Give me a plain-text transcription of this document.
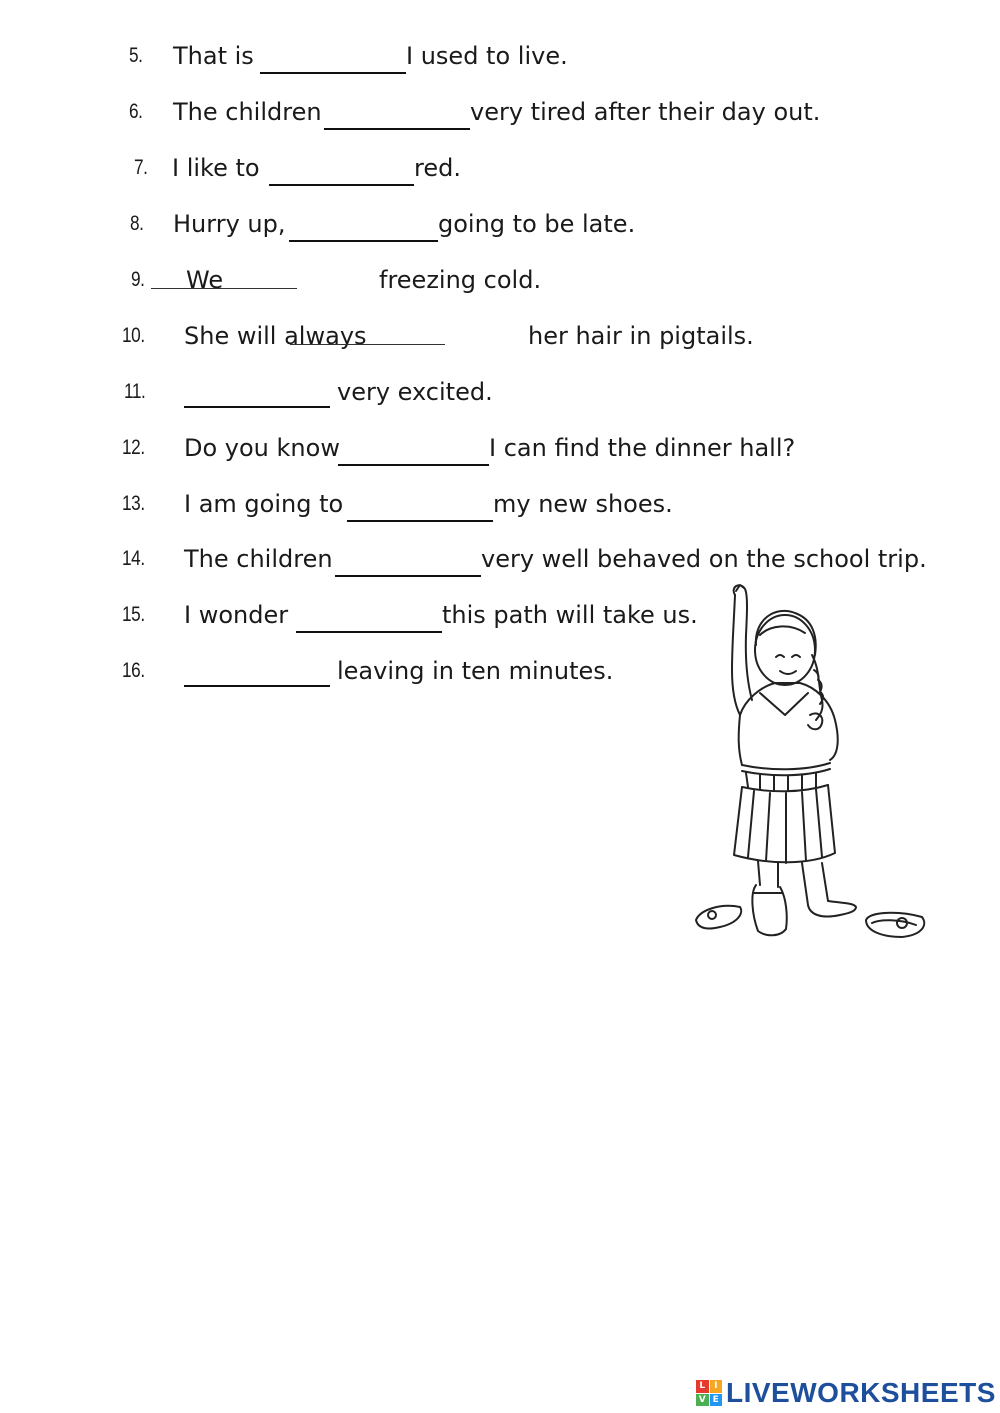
5. That is	I used to live.
6. The children	very tired after their day out.
7. I like to	red.
8. Hurry up,	going to be late.
9. We	freezing cold.
10. She will always	her hair in pigtails.
11.	very excited.
12. Do you know	I can find the dinner hall?
13. I am going to	my new shoes.
14. The children	very well behaved on the school trip.
15. I wonder	this path will take us.
16.	leaving in ten minutes.
L I
V E LIVEWORKSHEETS
